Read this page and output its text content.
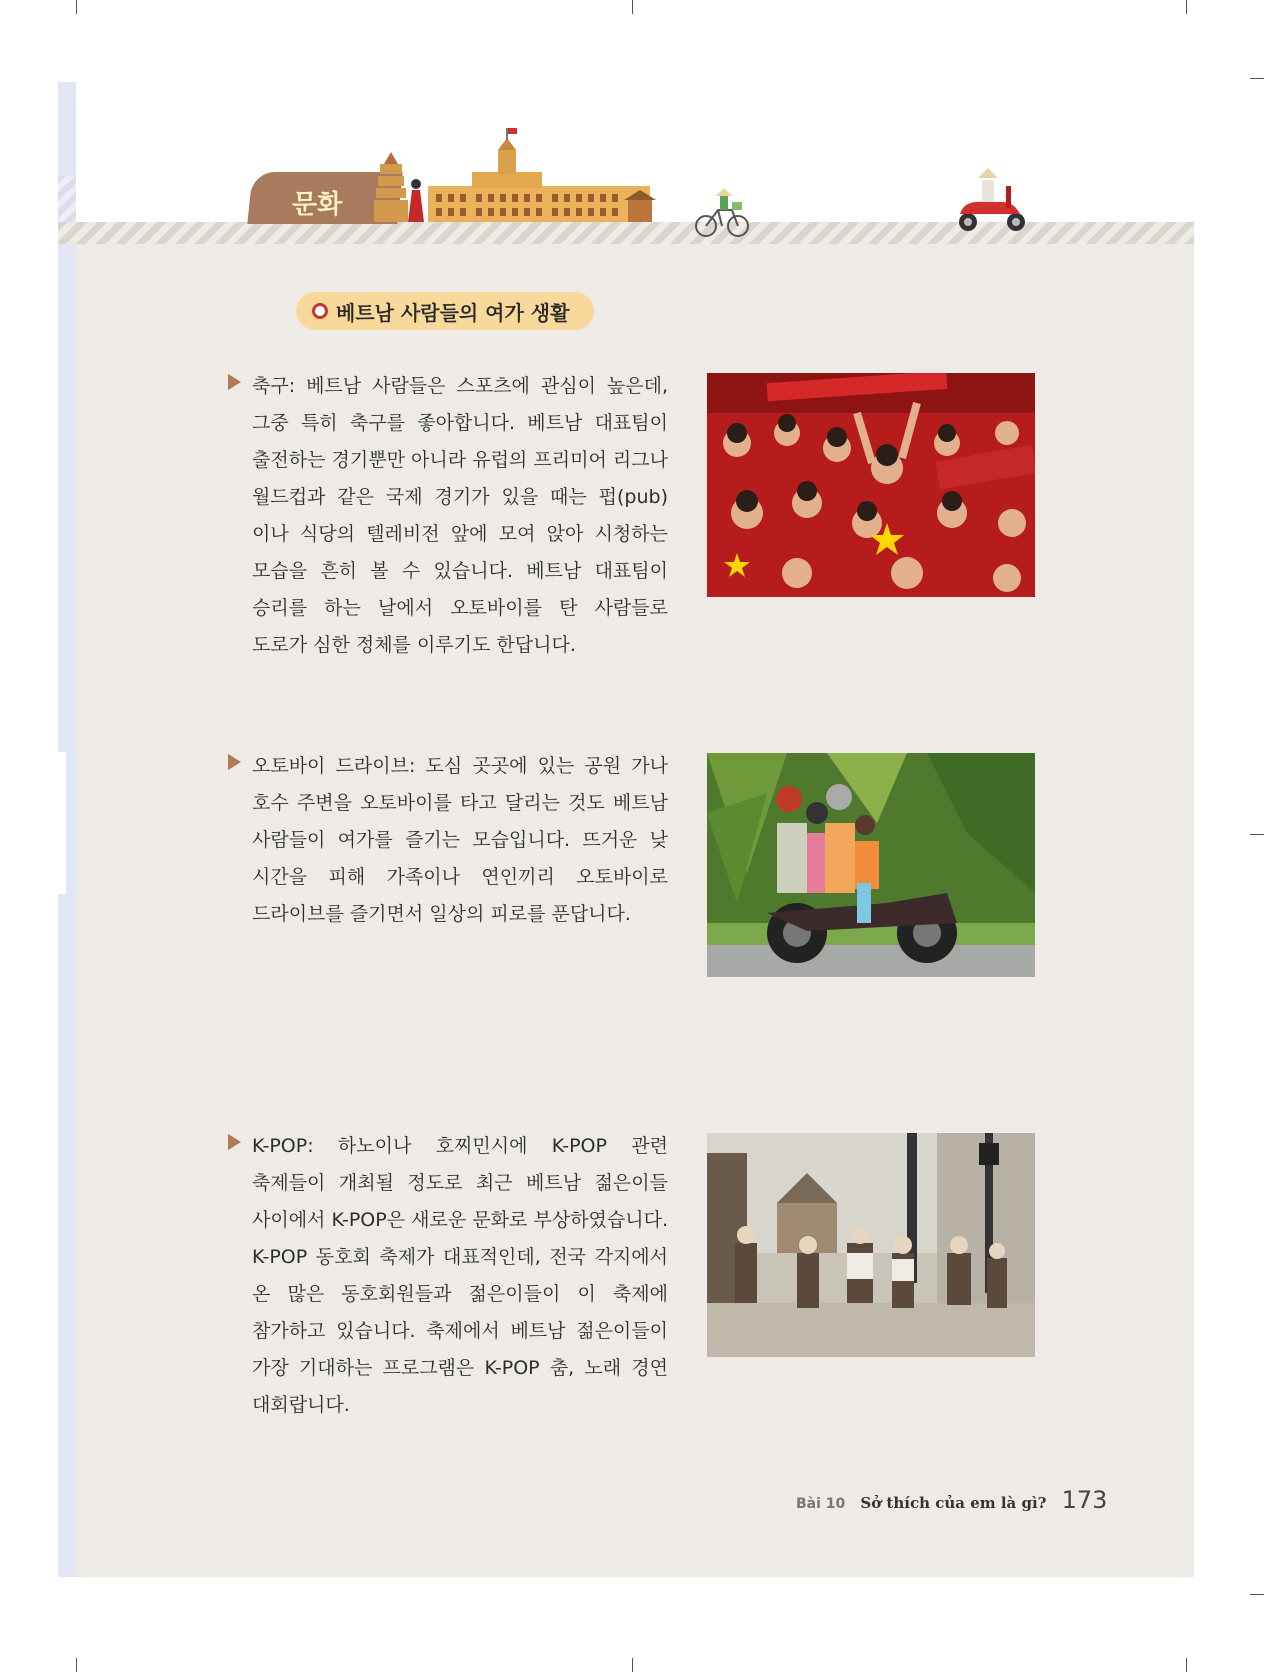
문화
베트남 사람들의 여가 생활
축구: 베트남 사람들은 스포츠에 관심이 높은데, 그중 특히 축구를 좋아합니다. 베트남 대표팀이 출전하는 경기뿐만 아니라 유럽의 프리미어 리그나 월드컵과 같은 국제 경기가 있을 때는 펍(pub)이나 식당의 텔레비전 앞에 모여 앉아 시청하는 모습을 흔히 볼 수 있습니다. 베트남 대표팀이 승리를 하는 날에서 오토바이를 탄 사람들로 도로가 심한 정체를 이루기도 한답니다.
오토바이 드라이브: 도심 곳곳에 있는 공원 가나 호수 주변을 오토바이를 타고 달리는 것도 베트남 사람들이 여가를 즐기는 모습입니다. 뜨거운 낮 시간을 피해 가족이나 연인끼리 오토바이로 드라이브를 즐기면서 일상의 피로를 푼답니다.
K-POP: 하노이나 호찌민시에 K-POP 관련 축제들이 개최될 정도로 최근 베트남 젊은이들 사이에서 K-POP은 새로운 문화로 부상하였습니다. K-POP 동호회 축제가 대표적인데, 전국 각지에서 온 많은 동호회원들과 젊은이들이 이 축제에 참가하고 있습니다. 축제에서 베트남 젊은이들이 가장 기대하는 프로그램은 K-POP 춤, 노래 경연 대회랍니다.
Bài 10 Sở thích của em là gì? 173
